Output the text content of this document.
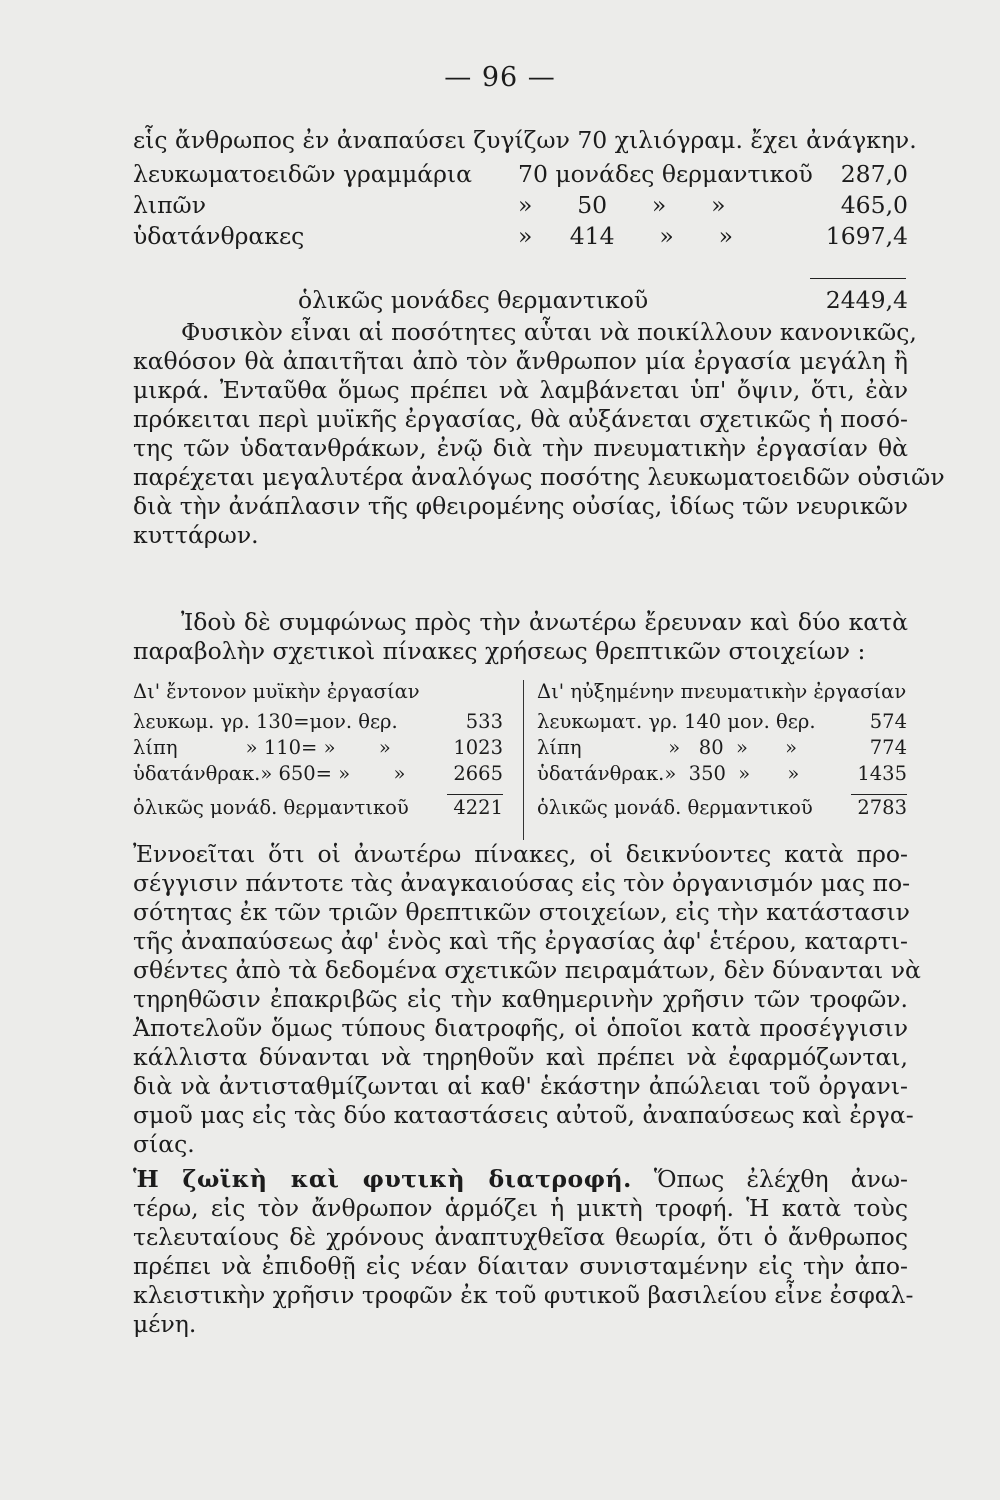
— 96 —
εἷς ἄνθρωπος ἐν ἀναπαύσει ζυγίζων 70 χιλιόγραμ. ἔχει ἀνάγκην.
λευκωματοειδῶν γραμμάρια 70 μονάδες θερμαντικοῦ 287,0
λιπῶν	»      50      »      »	465,0
ὑδατάνθρακες	»     414      »      »	1697,4
ὁλικῶς μονάδες θερμαντικοῦ	2449,4
Φυσικὸν εἶναι αἱ ποσότητες αὗται νὰ ποικίλλουν κανονικῶς,
καθόσον θὰ ἀπαιτῆται ἀπὸ τὸν ἄνθρωπον μία ἐργασία μεγάλη ἢ
μικρά. Ἐνταῦθα ὅμως πρέπει νὰ λαμβάνεται ὑπ' ὄψιν, ὅτι, ἐὰν
πρόκειται περὶ μυϊκῆς ἐργασίας, θὰ αὐξάνεται σχετικῶς ἡ ποσό-
της τῶν ὑδατανθράκων, ἐνῷ διὰ τὴν πνευματικὴν ἐργασίαν θὰ
παρέχεται μεγαλυτέρα ἀναλόγως ποσότης λευκωματοειδῶν οὐσιῶν
διὰ τὴν ἀνάπλασιν τῆς φθειρομένης οὐσίας, ἰδίως τῶν νευρικῶν
κυττάρων.
Ἰδοὺ δὲ συμφώνως πρὸς τὴν ἀνωτέρω ἔρευναν καὶ δύο κατὰ
παραβολὴν σχετικοὶ πίνακες χρήσεως θρεπτικῶν στοιχείων :
Δι' ἔντονον μυϊκὴν ἐργασίαν
λευκωμ. γρ. 130=μον. θερ.	533
λίπη           » 110= »       »	1023
ὑδατάνθρακ.» 650= »       » 2665
ὁλικῶς μονάδ. θερμαντικοῦ 4221
Δι' ηὐξημένην πνευματικὴν ἐργασίαν
λευκωματ. γρ. 140 μον. θερ.	574
λίπη              »   80  »      »	774
ὑδατάνθρακ.»  350  »      »	1435
ὁλικῶς μονάδ. θερμαντικοῦ 2783
Ἐννοεῖται ὅτι οἱ ἀνωτέρω πίνακες, οἱ δεικνύοντες κατὰ προ-
σέγγισιν πάντοτε τὰς ἀναγκαιούσας εἰς τὸν ὀργανισμόν μας πο-
σότητας ἐκ τῶν τριῶν θρεπτικῶν στοιχείων, εἰς τὴν κατάστασιν
τῆς ἀναπαύσεως ἀφ' ἑνὸς καὶ τῆς ἐργασίας ἀφ' ἑτέρου, καταρτι-
σθέντες ἀπὸ τὰ δεδομένα σχετικῶν πειραμάτων, δὲν δύνανται νὰ
τηρηθῶσιν ἐπακριβῶς εἰς τὴν καθημερινὴν χρῆσιν τῶν τροφῶν.
Ἀποτελοῦν ὅμως τύπους διατροφῆς, οἱ ὁποῖοι κατὰ προσέγγισιν
κάλλιστα δύνανται νὰ τηρηθοῦν καὶ πρέπει νὰ ἐφαρμόζωνται,
διὰ νὰ ἀντισταθμίζωνται αἱ καθ' ἑκάστην ἀπώλειαι τοῦ ὀργανι-
σμοῦ μας εἰς τὰς δύο καταστάσεις αὐτοῦ, ἀναπαύσεως καὶ ἐργα-
σίας.
Ἡ ζωϊκὴ καὶ φυτικὴ διατροφή. Ὅπως ἐλέχθη ἀνω-
τέρω, εἰς τὸν ἄνθρωπον ἁρμόζει ἡ μικτὴ τροφή. Ἡ κατὰ τοὺς
τελευταίους δὲ χρόνους ἀναπτυχθεῖσα θεωρία, ὅτι ὁ ἄνθρωπος
πρέπει νὰ ἐπιδοθῇ εἰς νέαν δίαιταν συνισταμένην εἰς τὴν ἀπο-
κλειστικὴν χρῆσιν τροφῶν ἐκ τοῦ φυτικοῦ βασιλείου εἶνε ἐσφαλ-
μένη.
